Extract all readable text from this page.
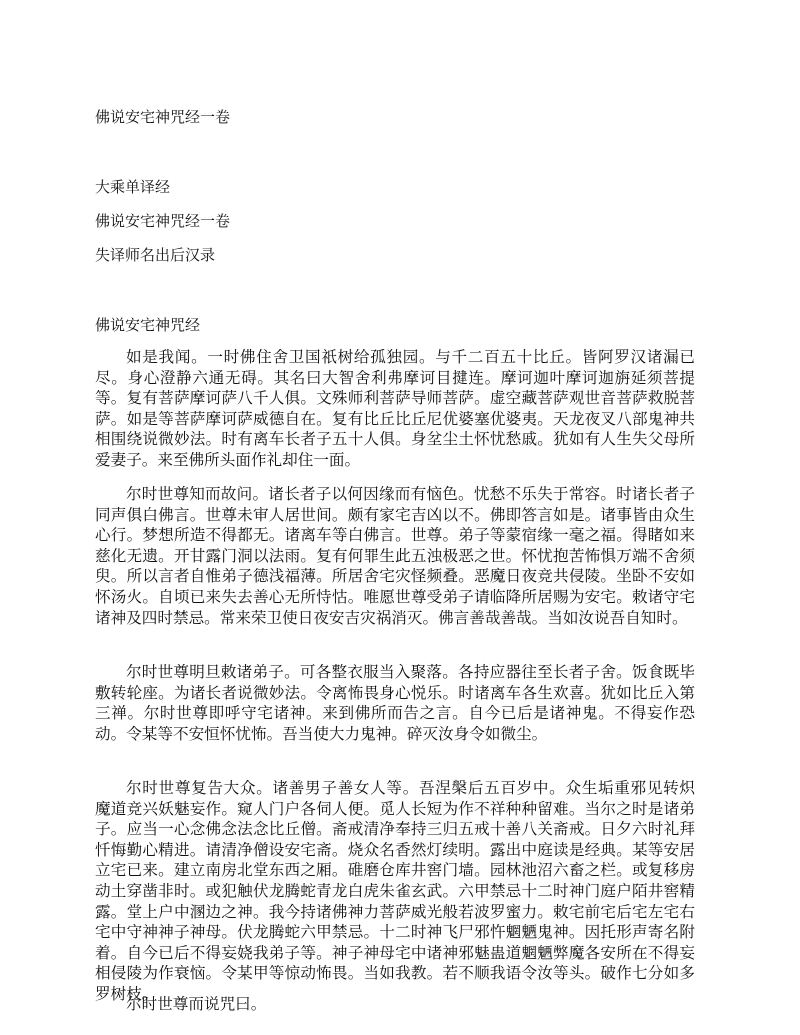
佛说安宅神咒经一卷
大乘单译经
佛说安宅神咒经一卷
失译师名出后汉录
佛说安宅神咒经

如是我闻。一时佛住舍卫国祇树给孤独园。与千二百五十比丘。皆阿罗汉诸漏已尽。身心澄静六通无碍。其名曰大智舍利弗摩诃目揵连。摩诃迦叶摩诃迦旃延须菩提等。复有菩萨摩诃萨八千人俱。文殊师利菩萨导师菩萨。虚空藏菩萨观世音菩萨救脱菩萨。如是等菩萨摩诃萨威德自在。复有比丘比丘尼优婆塞优婆夷。天龙夜叉八部鬼神共相围绕说微妙法。时有离车长者子五十人俱。身坌尘土怀忧愁戚。犹如有人生失父母所爱妻子。来至佛所头面作礼却住一面。

尔时世尊知而故问。诸长者子以何因缘而有恼色。忧愁不乐失于常容。时诸长者子同声俱白佛言。世尊未审人居世间。颇有家宅吉凶以不。佛即答言如是。诸事皆由众生心行。梦想所造不得都无。诸离车等白佛言。世尊。弟子等蒙宿缘一毫之福。得睹如来慈化无遗。开甘露门洞以法雨。复有何罪生此五浊极恶之世。怀忧抱苦怖惧万端不舍须臾。所以言者自惟弟子德浅福薄。所居舍宅灾怪频叠。恶魔日夜竞共侵陵。坐卧不安如怀汤火。自顷已来失去善心无所恃怙。唯愿世尊受弟子请临降所居赐为安宅。敕诸守宅诸神及四时禁忌。常来荣卫使日夜安吉灾祸消灭。佛言善哉善哉。当如汝说吾自知时。

尔时世尊明旦敕诸弟子。可各整衣服当入聚落。各持应器往至长者子舍。饭食既毕敷转轮座。为诸长者说微妙法。令离怖畏身心悦乐。时诸离车各生欢喜。犹如比丘入第三禅。尔时世尊即呼守宅诸神。来到佛所而告之言。自今已后是诸神鬼。不得妄作恐动。令某等不安恒怀忧怖。吾当使大力鬼神。碎灭汝身令如微尘。

尔时世尊复告大众。诸善男子善女人等。吾涅槃后五百岁中。众生垢重邪见转炽　魔道竞兴妖魅妄作。窥人门户各伺人便。觅人长短为作不祥种种留难。当尔之时是诸弟子。应当一心念佛念法念比丘僧。斋戒清净奉持三归五戒十善八关斋戒。日夕六时礼拜忏悔勤心精进。请清净僧设安宅斋。烧众名香然灯续明。露出中庭读是经典。某等安居立宅已来。建立南房北堂东西之厢。碓磨仓库井窖门墙。园林池沼六畜之栏。或复移房动土穿凿非时。或犯触伏龙腾蛇青龙白虎朱雀玄武。六甲禁忌十二时神门庭户陌井窖精露。堂上户中溷边之神。我今持诸佛神力菩萨威光般若波罗蜜力。敕宅前宅后宅左宅右宅中守神神子神母。伏龙腾蛇六甲禁忌。十二时神飞尸邪忤魍魉鬼神。因托形声寄名附着。自今已后不得妄娆我弟子等。神子神母宅中诸神邪魅蛊道魍魉弊魔各安所在不得妄相侵陵为作衰恼。令某甲等惊动怖畏。当如我教。若不顺我语令汝等头。破作七分如多罗树枝。

尔时世尊而说咒曰。
